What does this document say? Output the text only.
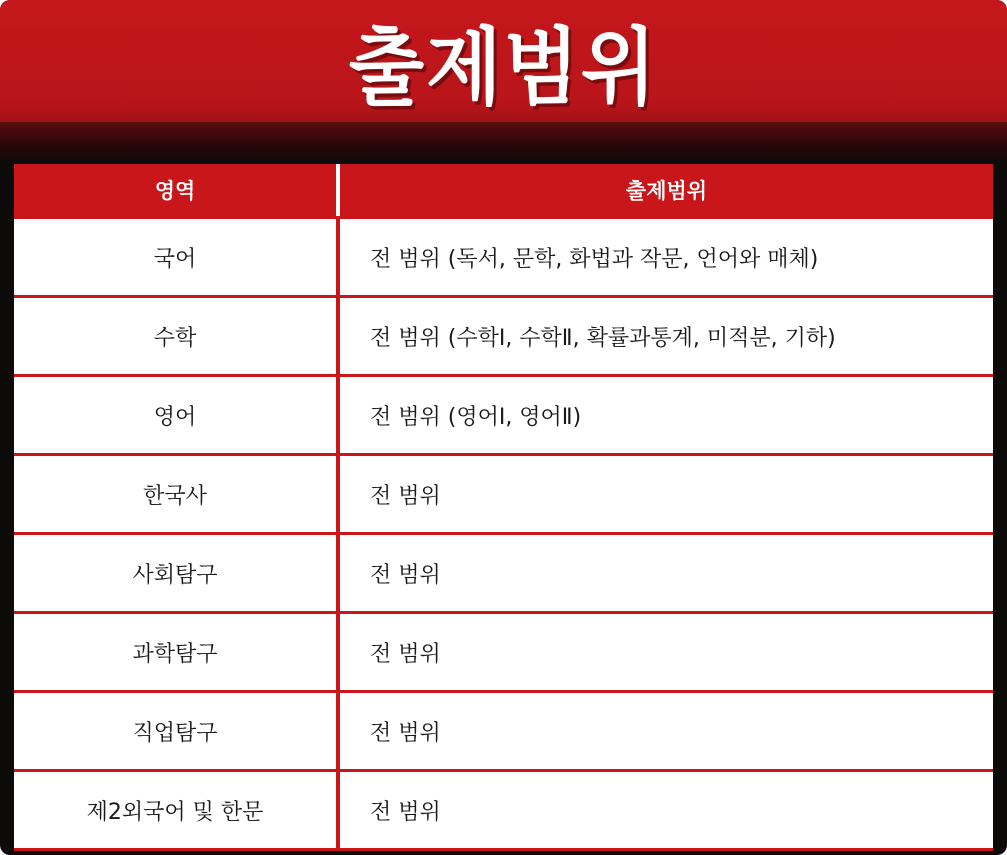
출제범위
영역	출제범위
국어	전 범위 (독서, 문학, 화법과 작문, 언어와 매체)
수학	전 범위 (수학Ⅰ, 수학Ⅱ, 확률과통계, 미적분, 기하)
영어	전 범위 (영어Ⅰ, 영어Ⅱ)
한국사	전 범위
사회탐구	전 범위
과학탐구	전 범위
직업탐구	전 범위
제2외국어 및 한문	전 범위
